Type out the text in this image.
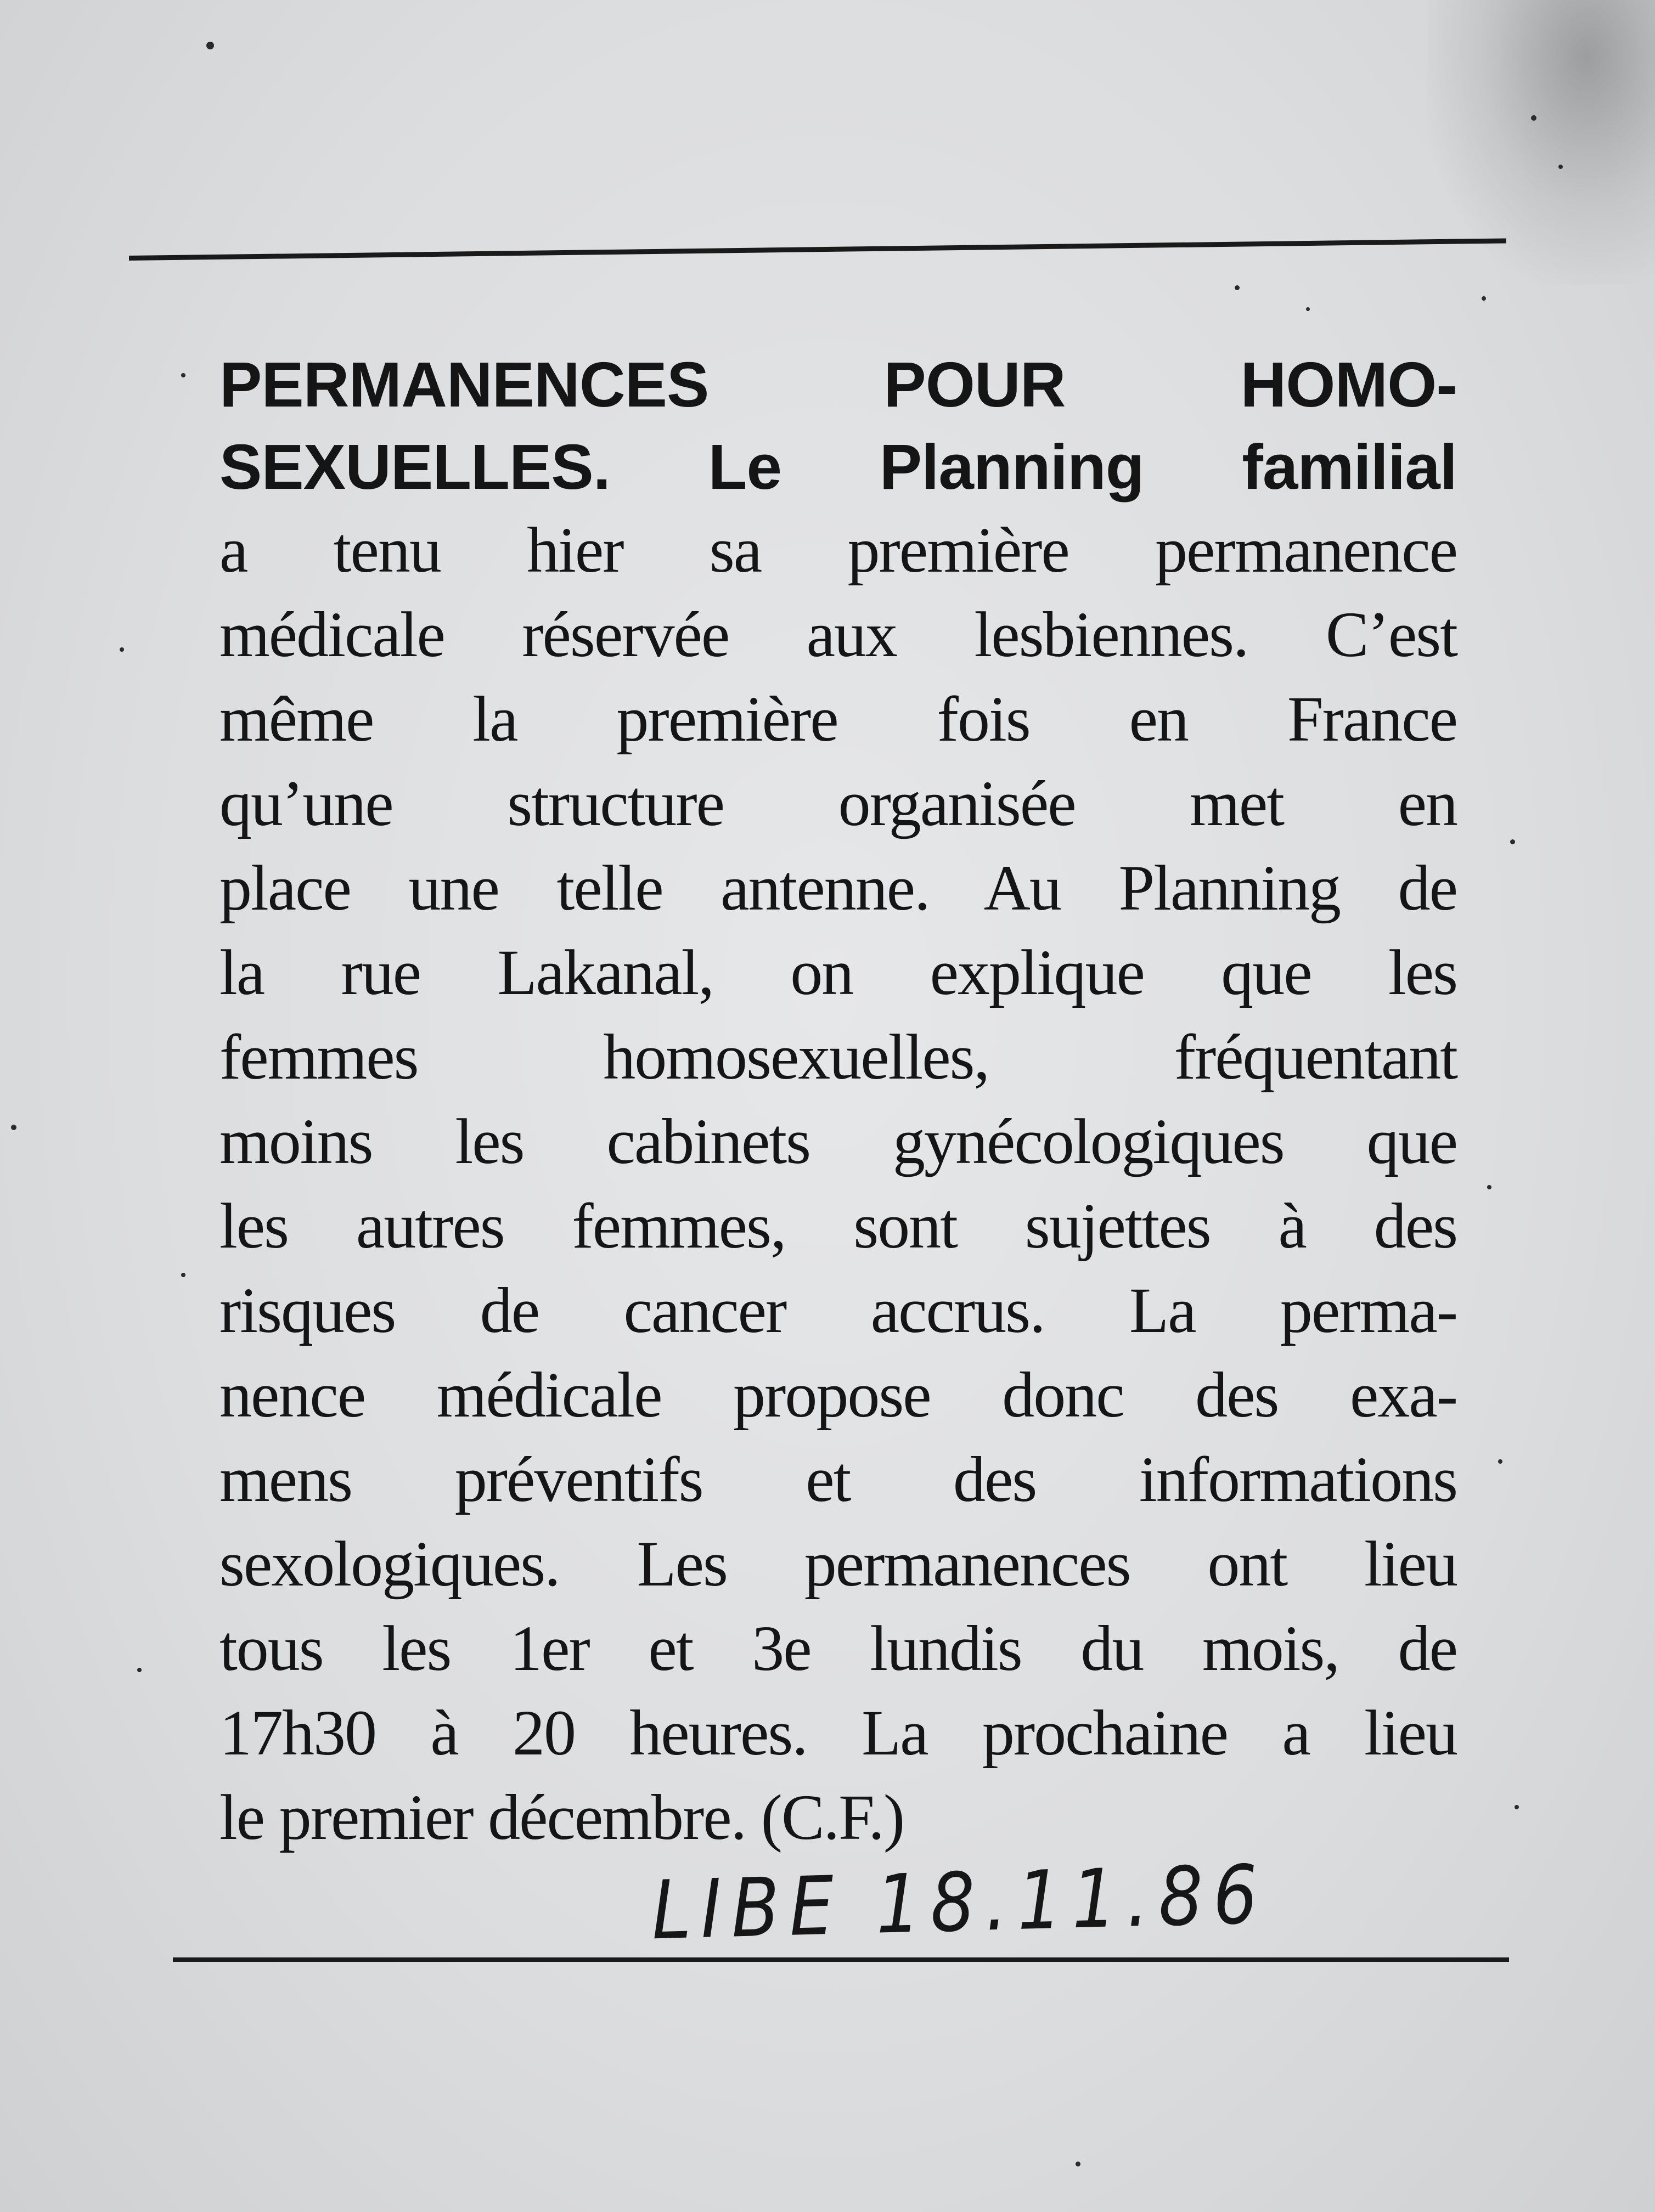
PERMANENCES POUR HOMO-
SEXUELLES. Le Planning familial
a tenu hier sa première permanence
médicale réservée aux lesbiennes. C’est
même la première fois en France
qu’une structure organisée met en
place une telle antenne. Au Planning de
la rue Lakanal, on explique que les
femmes homosexuelles, fréquentant
moins les cabinets gynécologiques que
les autres femmes, sont sujettes à des
risques de cancer accrus. La perma-
nence médicale propose donc des exa-
mens préventifs et des informations
sexologiques. Les permanences ont lieu
tous les 1er et 3e lundis du mois, de
17h30 à 20 heures. La prochaine a lieu
le premier décembre. (C.F.)
LIBE 18.11.86
